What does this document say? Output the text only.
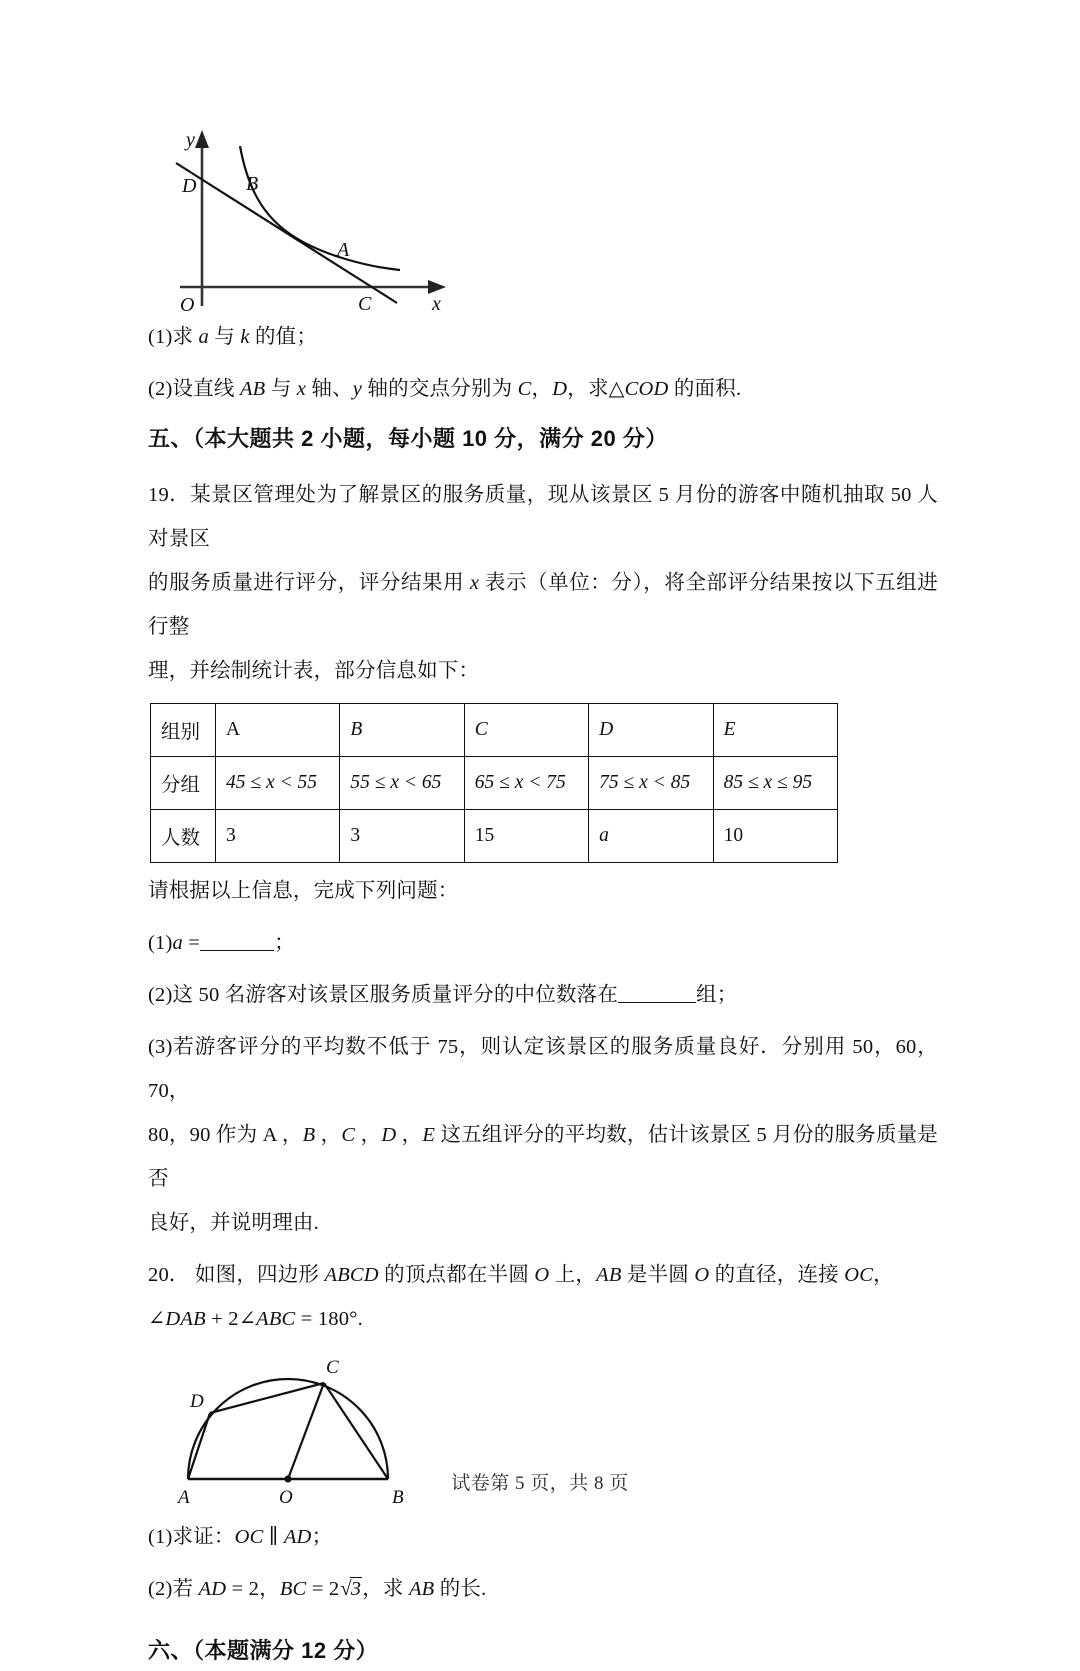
D B
A
C
O
y
x

(1)求 a 与 k 的值；

(2)设直线 AB 与 x 轴、y 轴的交点分别为 C，D，求△COD 的面积.

五、（本大题共 2 小题，每小题 10 分，满分 20 分）

19．某景区管理处为了解景区的服务质量，现从该景区 5 月份的游客中随机抽取 50 人对景区

的服务质量进行评分，评分结果用 x 表示（单位：分），将全部评分结果按以下五组进行整

理，并绘制统计表，部分信息如下：

组别	A	B	C	D	E
分组	45 ≤ x < 55	55 ≤ x < 65	65 ≤ x < 75	75 ≤ x < 85	85 ≤ x ≤ 95
人数	3	3	15	a	10

请根据以上信息，完成下列问题：

(1)a =	；

(2)这 50 名游客对该景区服务质量评分的中位数落在	组；

(3)若游客评分的平均数不低于 75，则认定该景区的服务质量良好．分别用 50，60，70，

80，90 作为 A ，B ，C ，D ，E 这五组评分的平均数，估计该景区 5 月份的服务质量是否

良好，并说明理由.

20． 如图，四边形 ABCD 的顶点都在半圆 O 上，AB 是半圆 O 的直径，连接 OC，

∠DAB + 2∠ABC = 180°.

A	B
C
D
O

(1)求证：OC ∥ AD；

(2)若 AD = 2，BC = 2√3，求 AB 的长.

六、（本题满分 12 分）

试卷第 5 页，共 8 页
